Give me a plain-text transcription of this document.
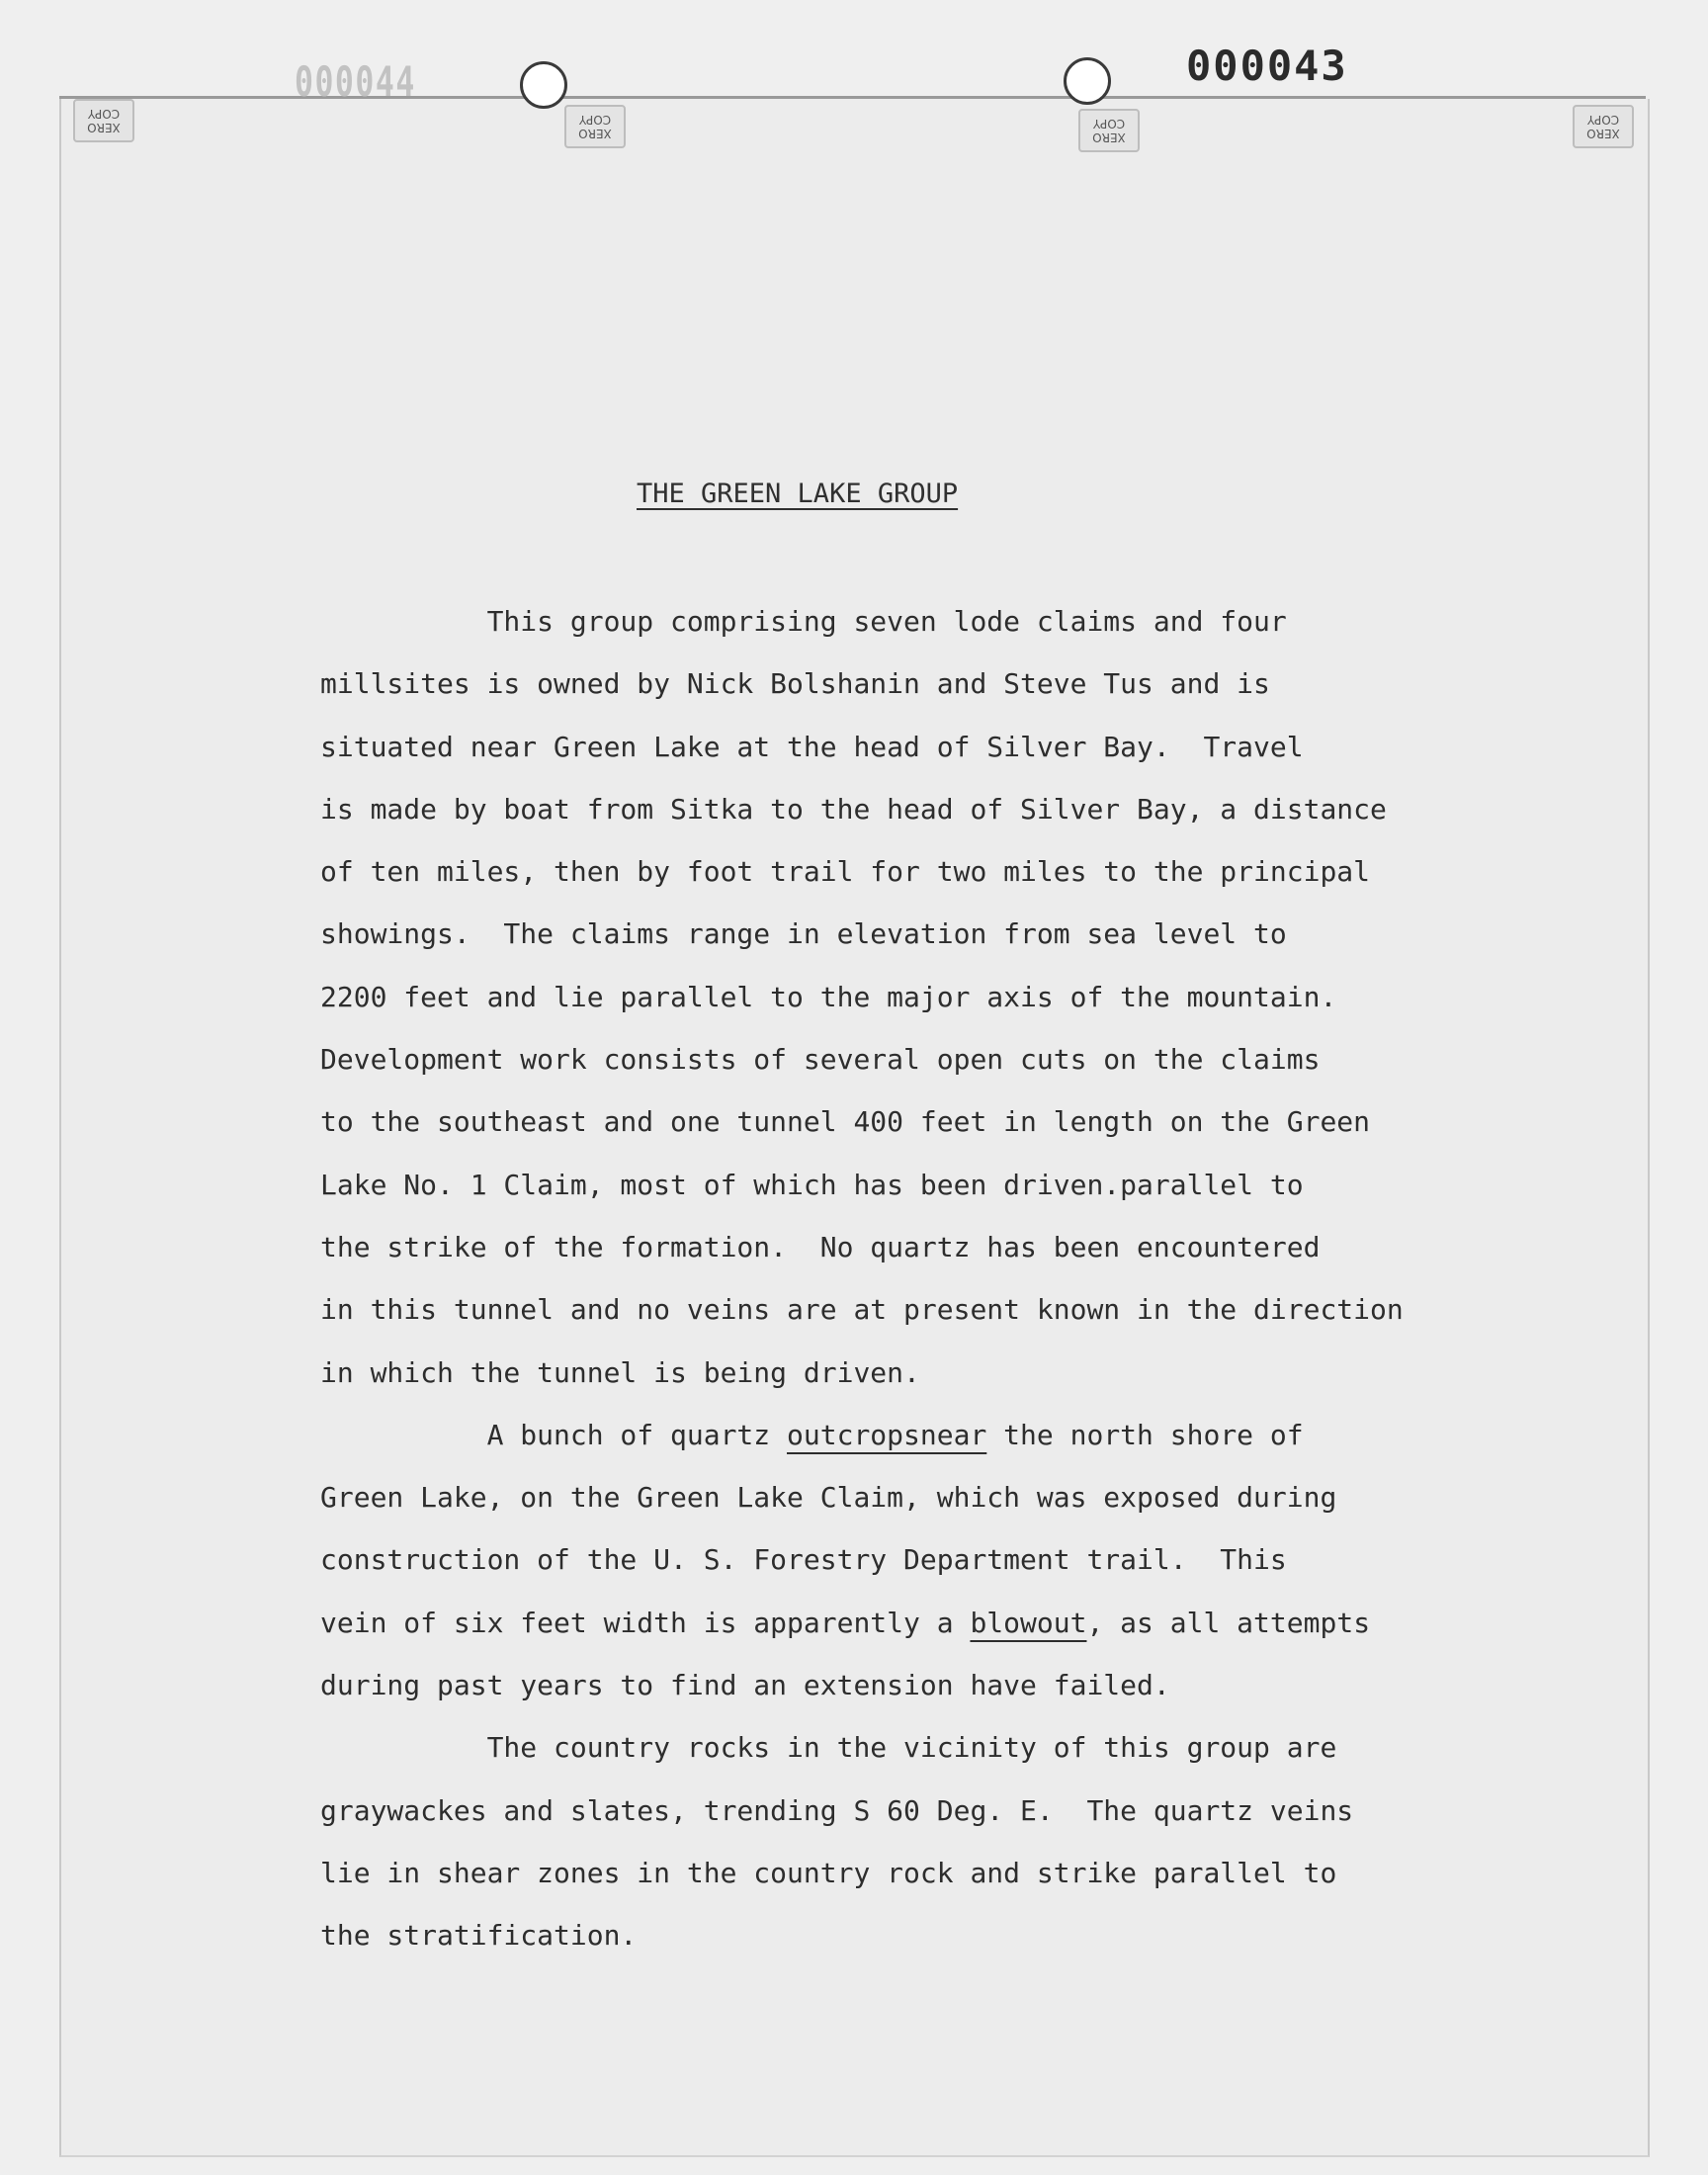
000044	000043
XERO COPY
XERO COPY
XERO COPY
XERO COPY
THE GREEN LAKE GROUP
This group comprising seven lode claims and four
millsites is owned by Nick Bolshanin and Steve Tus and is
situated near Green Lake at the head of Silver Bay.  Travel
is made by boat from Sitka to the head of Silver Bay, a distance
of ten miles, then by foot trail for two miles to the principal
showings.  The claims range in elevation from sea level to
2200 feet and lie parallel to the major axis of the mountain.
Development work consists of several open cuts on the claims
to the southeast and one tunnel 400 feet in length on the Green
Lake No. 1 Claim, most of which has been driven.parallel to
the strike of the formation.  No quartz has been encountered
in this tunnel and no veins are at present known in the direction
in which the tunnel is being driven.
A bunch of quartz outcropsnear the north shore of
Green Lake, on the Green Lake Claim, which was exposed during
construction of the U. S. Forestry Department trail.  This
vein of six feet width is apparently a blowout, as all attempts
during past years to find an extension have failed.
The country rocks in the vicinity of this group are
graywackes and slates, trending S 60 Deg. E.  The quartz veins
lie in shear zones in the country rock and strike parallel to
the stratification.
